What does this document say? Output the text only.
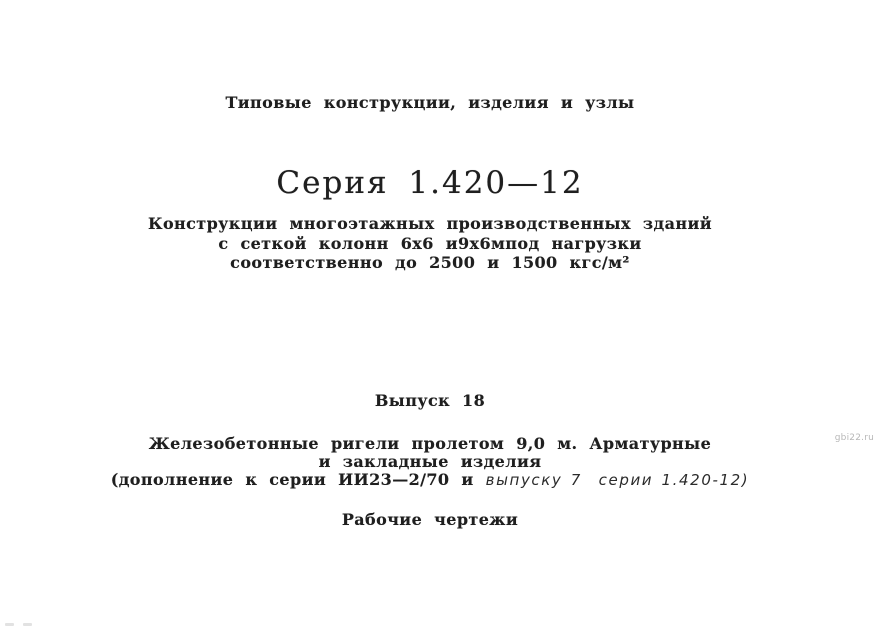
Типовые конструкции, изделия и узлы
Серия 1.420—12
Конструкции многоэтажных производственных зданий
с сеткой колонн 6х6 и9х6мпод нагрузки
соответственно до 2500 и 1500 кгс/м²
Выпуск 18
Железобетонные ригели пролетом 9,0 м. Арматурные
и закладные изделия
(дополнение к серии ИИ23—2/70 и выпуску 7  серии 1.420-12)
Рабочие чертежи
gbi22.ru
